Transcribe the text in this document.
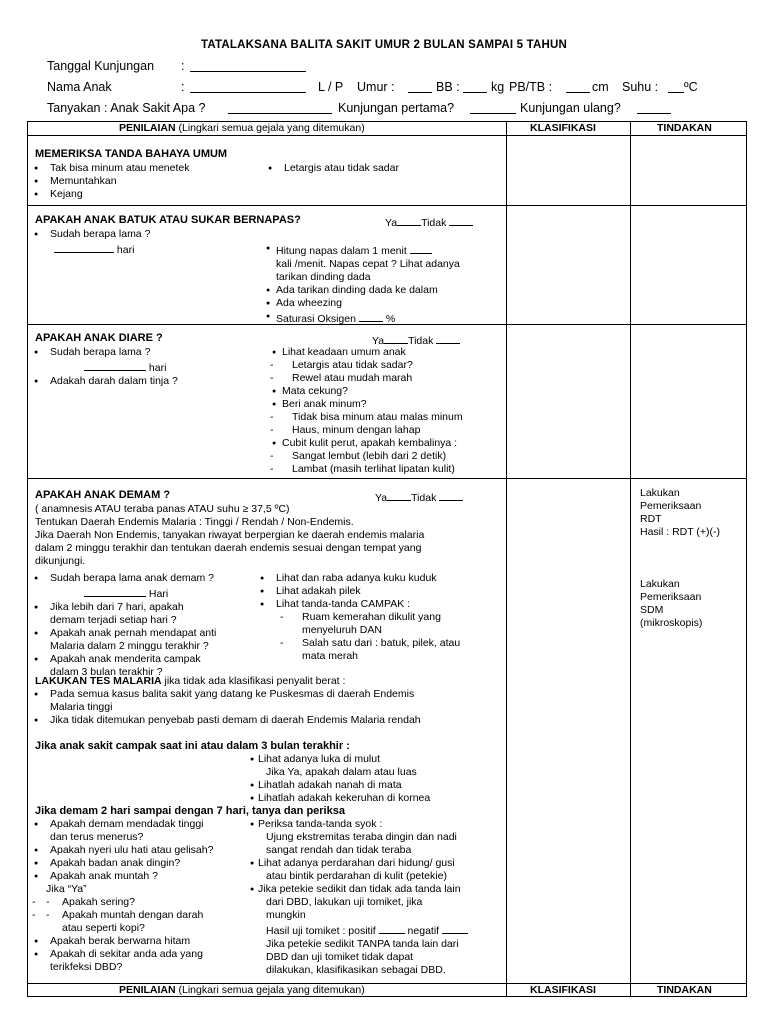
TATALAKSANA BALITA SAKIT UMUR 2 BULAN SAMPAI 5 TAHUN
Tanggal Kunjungan :
Nama Anak	:	L / P Umur :	BB :	kg PB/TB :	cm Suhu : ºC
Tanyakan : Anak Sakit Apa ?	Kunjungan pertama?	Kunjungan ulang?
PENILAIAN (Lingkari semua gejala yang ditemukan)	KLASIFIKASI	TINDAKAN
PENILAIAN (Lingkari semua gejala yang ditemukan)	KLASIFIKASI	TINDAKAN
MEMERIKSA TANDA BAHAYA UMUM
● Tak bisa minum atau menetek
● Memuntahkan
● Kejang
● Letargis atau tidak sadar
APAKAH ANAK BATUK ATAU SUKAR BERNAPAS?	Ya Tidak
● Sudah berapa lama ?
hari
●	Hitung napas dalam 1 menit
kali /menit. Napas cepat ? Lihat adanya
tarikan dinding dada
● Ada tarikan dinding dada ke dalam
● Ada wheezing
● Saturasi Oksigen	%
APAKAH ANAK DIARE ?	Ya Tidak
● Sudah berapa lama ?
hari
● Adakah darah dalam tinja ?
● Lihat keadaan umum anak
- Letargis atau tidak sadar?
- Rewel atau mudah marah
● Mata cekung?
● Beri anak minum?
- Tidak bisa minum atau malas minum
- Haus, minum dengan lahap
● Cubit kulit perut, apakah kembalinya :
- Sangat lembut (lebih dari 2 detik)
- Lambat (masih terlihat lipatan kulit)
APAKAH ANAK DEMAM ?	Ya Tidak
( anamnesis ATAU teraba panas ATAU suhu ≥ 37,5 ºC)
Tentukan Daerah Endemis Malaria : Tinggi / Rendah / Non-Endemis.
Jika Daerah Non Endemis, tanyakan riwayat berpergian ke daerah endemis malaria
dalam 2 minggu terakhir dan tentukan daerah endemis sesuai dengan tempat yang
dikunjungi.
● Sudah berapa lama anak demam ?
Hari
● Jika lebih dari 7 hari, apakah
demam terjadi setiap hari ?
● Apakah anak pernah mendapat anti
Malaria dalam 2 minggu terakhir ?
● Apakah anak menderita campak
dalam 3 bulan terakhir ?
● Lihat dan raba adanya kuku kuduk
● Lihat adakah pilek
● Lihat tanda-tanda CAMPAK :
- Ruam kemerahan dikulit yang
menyeluruh DAN
- Salah satu dari : batuk, pilek, atau
mata merah
LAKUKAN TES MALARIA jika tidak ada klasifikasi penyalit berat :
● Pada semua kasus balita sakit yang datang ke Puskesmas di daerah Endemis
Malaria tinggi
● Jika tidak ditemukan penyebab pasti demam di daerah Endemis Malaria rendah
Jika anak sakit campak saat ini atau dalam 3 bulan terakhir :
● Lihat adanya luka di mulut
Jika Ya, apakah dalam atau luas
● Lihatlah adakah nanah di mata
● Lihatlah adakah kekeruhan di kornea
Jika demam 2 hari sampai dengan 7 hari, tanya dan periksa
● Apakah demam mendadak tinggi
dan terus menerus?
● Apakah nyeri ulu hati atau gelisah?
● Apakah badan anak dingin?
● Apakah anak muntah ?
Jika “Ya”
- - Apakah sering?
- - Apakah muntah dengan darah
atau seperti kopi?
● Apakah berak berwarna hitam
● Apakah di sekitar anda ada yang
terikfeksi DBD?
● Periksa tanda-tanda syok :
Ujung ekstremitas teraba dingin dan nadi
sangat rendah dan tidak teraba
● Lihat adanya perdarahan dari hidung/ gusi
atau bintik perdarahan di kulit (petekie)
● Jika petekie sedikit dan tidak ada tanda lain
dari DBD, lakukan uji tomiket, jika
mungkin
Hasil uji tomiket : positif	negatif
Jika petekie sedikit TANPA tanda lain dari
DBD dan uji tomiket tidak dapat
dilakukan, klasifikasikan sebagai DBD.
Lakukan
Pemeriksaan
RDT
Hasil : RDT (+)(-)
Lakukan
Pemeriksaan
SDM
(mikroskopis)
